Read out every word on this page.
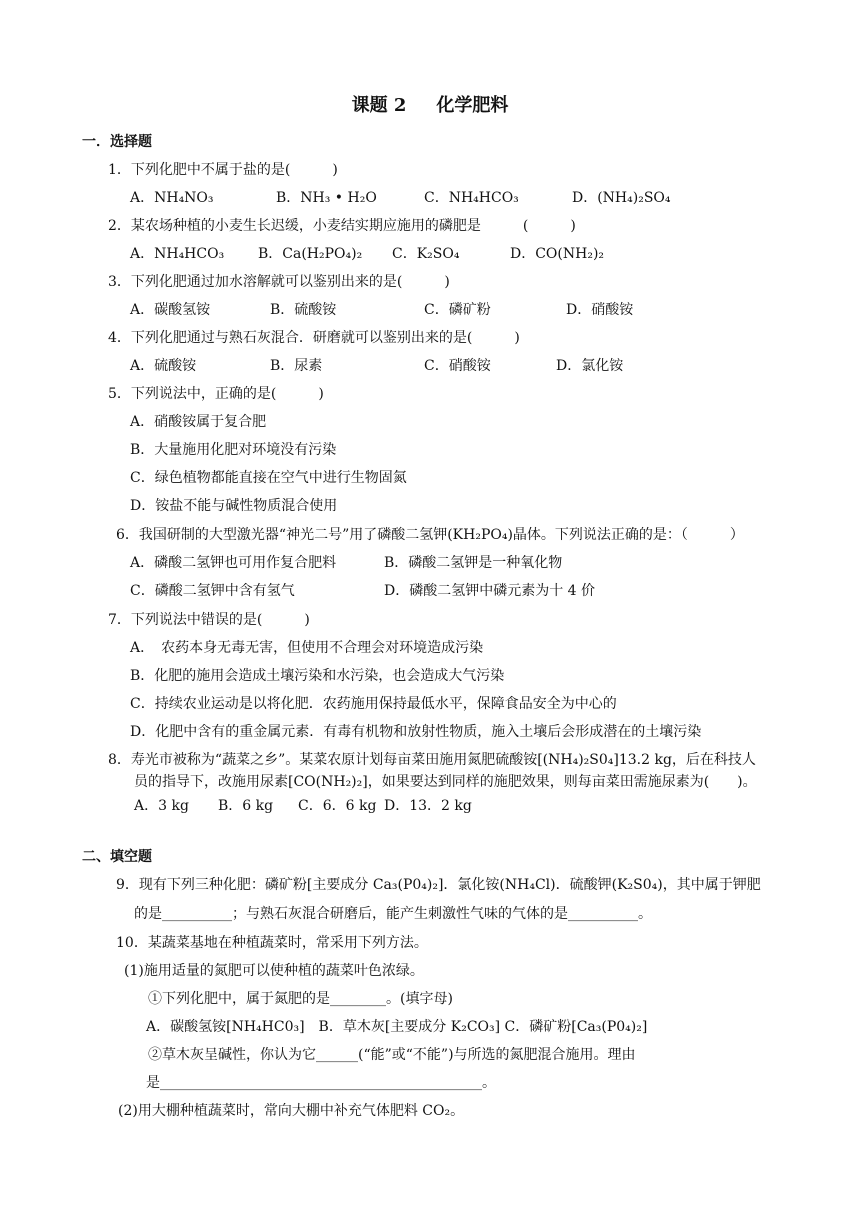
课题 2 化学肥料
一．选择题
1．下列化肥中不属于盐的是(　　　)
A．NH₄NO₃	B．NH₃ • H₂O	C．NH₄HCO₃	D．(NH₄)₂SO₄
2．某农场种植的小麦生长迟缓，小麦结实期应施用的磷肥是　　　(　　　)
A．NH₄HCO₃ B．Ca(H₂PO₄)₂ C．K₂SO₄	D．CO(NH₂)₂
3．下列化肥通过加水溶解就可以鉴别出来的是(　　　)
A．碳酸氢铵	B．硫酸铵	C．磷矿粉	D．硝酸铵
4．下列化肥通过与熟石灰混合．研磨就可以鉴别出来的是(　　　)
A．硫酸铵	B．尿素	C．硝酸铵	D．氯化铵
5．下列说法中，正确的是(　　　)
A．硝酸铵属于复合肥
B．大量施用化肥对环境没有污染
C．绿色植物都能直接在空气中进行生物固氮
D．铵盐不能与碱性物质混合使用
6．我国研制的大型激光器“神光二号”用了磷酸二氢钾(KH₂PO₄)晶体。下列说法正确的是：（　　　）
A．磷酸二氢钾也可用作复合肥料	B．磷酸二氢钾是一种氧化物
C．磷酸二氢钾中含有氢气	D．磷酸二氢钾中磷元素为十 4 价
7．下列说法中错误的是(　　　)
A．　农药本身无毒无害，但使用不合理会对环境造成污染
B．化肥的施用会造成土壤污染和水污染，也会造成大气污染
C．持续农业运动是以将化肥．农药施用保持最低水平，保障食品安全为中心的
D．化肥中含有的重金属元素．有毒有机物和放射性物质，施入土壤后会形成潜在的土壤污染
8．寿光市被称为“蔬菜之乡”。某菜农原计划每亩菜田施用氮肥硫酸铵[(NH₄)₂S0₄]13.2 kg，后在科技人
员的指导下，改施用尿素[CO(NH₂)₂]，如果要达到同样的施肥效果，则每亩菜田需施尿素为(　　)。
A．3 kg B．6 kg C．6．6 kg D．13．2 kg
二、填空题
9．现有下列三种化肥：磷矿粉[主要成分 Ca₃(P0₄)₂]．氯化铵(NH₄Cl)．硫酸钾(K₂S0₄)，其中属于钾肥
的是__________；与熟石灰混合研磨后，能产生刺激性气味的气体的是__________。
10．某蔬菜基地在种植蔬菜时，常采用下列方法。
(1)施用适量的氮肥可以使种植的蔬菜叶色浓绿。
①下列化肥中，属于氮肥的是________。(填字母)
A．碳酸氢铵[NH₄HC0₃]　B．草木灰[主要成分 K₂CO₃] C．磷矿粉[Ca₃(P0₄)₂]
②草木灰呈碱性，你认为它______(“能”或“不能”)与所选的氮肥混合施用。理由
是______________________________________________。
(2)用大棚种植蔬菜时，常向大棚中补充气体肥料 CO₂。
